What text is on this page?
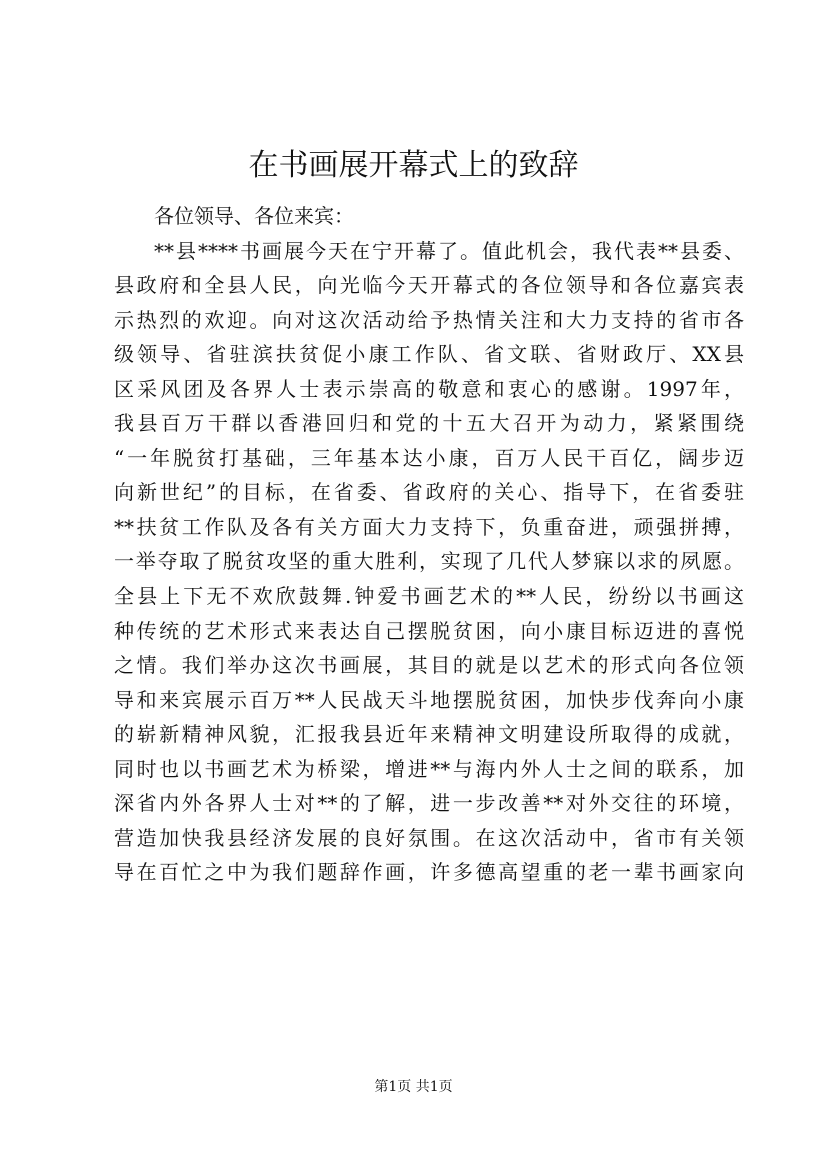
在书画展开幕式上的致辞
各位领导、各位来宾：
**县****书画展今天在宁开幕了。值此机会，我代表**县委、
县政府和全县人民，向光临今天开幕式的各位领导和各位嘉宾表
示热烈的欢迎。向对这次活动给予热情关注和大力支持的省市各
级领导、省驻滨扶贫促小康工作队、省文联、省财政厅、XX县
区采风团及各界人士表示崇高的敬意和衷心的感谢。1997年，
我县百万干群以香港回归和党的十五大召开为动力，紧紧围绕
“一年脱贫打基础，三年基本达小康，百万人民干百亿，阔步迈
向新世纪”的目标，在省委、省政府的关心、指导下，在省委驻
**扶贫工作队及各有关方面大力支持下，负重奋进，顽强拼搏，
一举夺取了脱贫攻坚的重大胜利，实现了几代人梦寐以求的夙愿。
全县上下无不欢欣鼓舞.钟爱书画艺术的**人民，纷纷以书画这
种传统的艺术形式来表达自己摆脱贫困，向小康目标迈进的喜悦
之情。我们举办这次书画展，其目的就是以艺术的形式向各位领
导和来宾展示百万**人民战天斗地摆脱贫困，加快步伐奔向小康
的崭新精神风貌，汇报我县近年来精神文明建设所取得的成就，
同时也以书画艺术为桥梁，增进**与海内外人士之间的联系，加
深省内外各界人士对**的了解，进一步改善**对外交往的环境，
营造加快我县经济发展的良好氛围。在这次活动中，省市有关领
导在百忙之中为我们题辞作画，许多德高望重的老一辈书画家向
第1页 共1页
